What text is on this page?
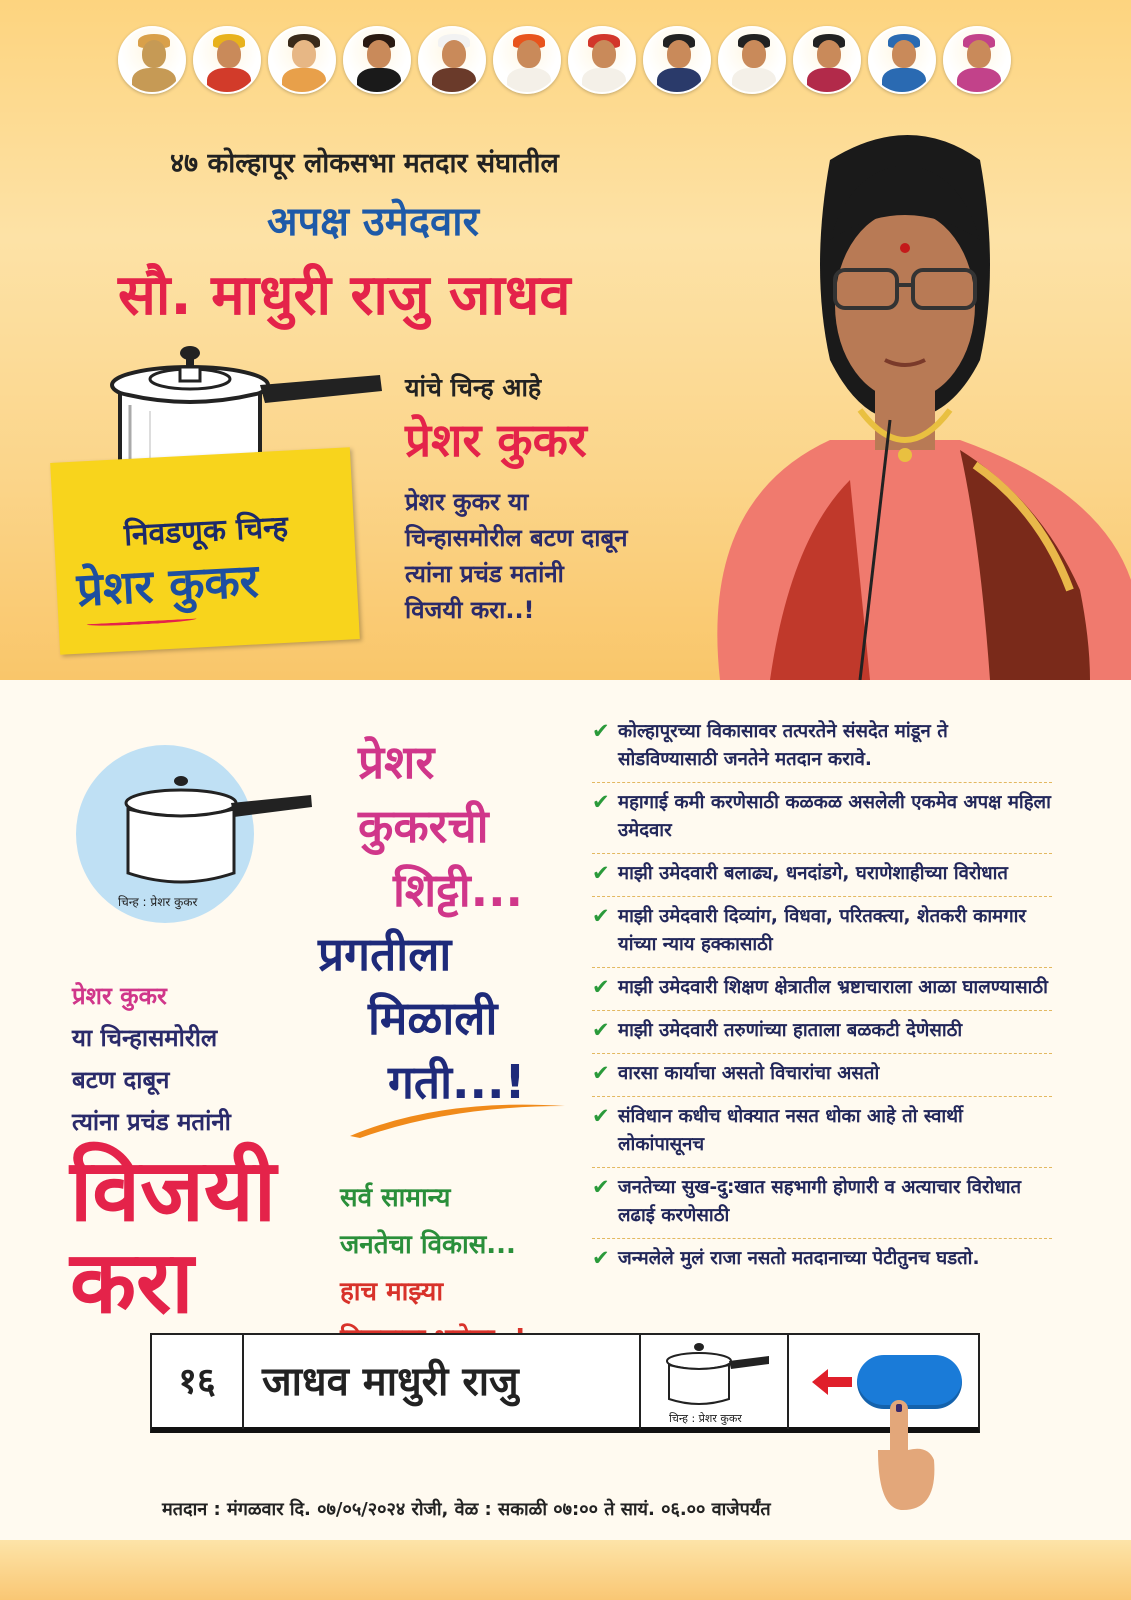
४७ कोल्हापूर लोकसभा मतदार संघातील
अपक्ष उमेदवार
सौ. माधुरी राजु जाधव
निवडणूक चिन्ह
प्रेशर कुकर
यांचे चिन्ह आहे
प्रेशर कुकर
प्रेशर कुकर या
चिन्हासमोरील बटण दाबून
त्यांना प्रचंड मतांनी
विजयी करा..!
चिन्ह : प्रेशर कुकर
प्रेशर कुकर
या चिन्हासमोरील
बटण दाबून
त्यांना प्रचंड मतांनी
विजयी
करा
प्रेशर
कुकरची
शिट्टी...
प्रगतीला
मिळाली
गती...!
सर्व सामान्य
जनतेचा विकास...
हाच माझ्या
✔ कोल्हापूरच्या विकासावर तत्परतेने संसदेत मांडून ते सोडविण्यासाठी जनतेने मतदान करावे.
✔ महागाई कमी करणेसाठी कळकळ असलेली एकमेव अपक्ष महिला उमेदवार
✔ माझी उमेदवारी बलाढ्य, धनदांडगे, घराणेशाहीच्या विरोधात
✔ माझी उमेदवारी दिव्यांग, विधवा, परितक्त्या, शेतकरी कामगार यांच्या न्याय हक्कासाठी
✔ माझी उमेदवारी शिक्षण क्षेत्रातील भ्रष्टाचाराला आळा घालण्यासाठी
✔ माझी उमेदवारी तरुणांच्या हाताला बळकटी देणेसाठी
✔ वारसा कार्याचा असतो विचारांचा असतो
✔ संविधान कधीच धोक्यात नसत धोका आहे तो स्वार्थी लोकांपासूनच
✔ जनतेच्या सुख-दु:खात सहभागी होणारी व अत्याचार विरोधात लढाई करणेसाठी
✔ जन्मलेले मुलं राजा नसतो मतदानाच्या पेटीतुनच घडतो.
१६	जाधव माधुरी राजु
चिन्ह : प्रेशर कुकर
मतदान : मंगळवार दि. ०७/०५/२०२४ रोजी, वेळ : सकाळी ०७:०० ते सायं. ०६.०० वाजेपर्यंत
